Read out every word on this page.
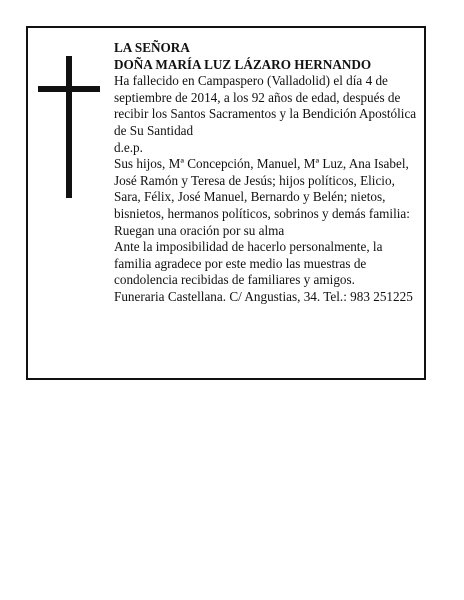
LA SEÑORA

DOÑA MARÍA LUZ LÁZARO HERNANDO

Ha fallecido en Campaspero (Valladolid) el día 4 de septiembre de 2014, a los 92 años de edad, después de recibir los Santos Sacramentos y la Bendición Apostólica de Su Santidad

d.e.p.

Sus hijos, Mª Concepción, Manuel, Mª Luz, Ana Isabel, José Ramón y Teresa de Jesús; hijos políticos, Elicio, Sara, Félix, José Manuel, Bernardo y Belén; nietos, bisnietos, hermanos políticos, sobrinos y demás familia:

Ruegan una oración por su alma

Ante la imposibilidad de hacerlo personalmente, la familia agradece por este medio las muestras de condolencia recibidas de familiares y amigos.

Funeraria Castellana. C/ Angustias, 34. Tel.: 983 251225
